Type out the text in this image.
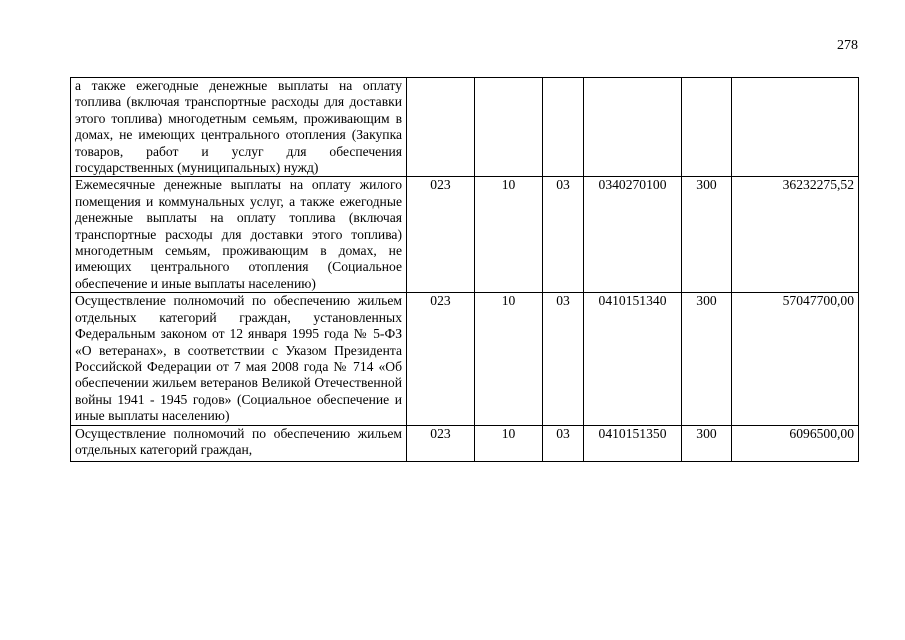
278
а также ежегодные денежные выплаты на оплату топлива (включая транспортные расходы для доставки этого топлива) многодетным семьям, проживающим в домах, не имеющих центрального отопления (Закупка товаров, работ и услуг для обеспечения государственных (муниципальных) нужд)						
Ежемесячные денежные выплаты на оплату жилого помещения и коммунальных услуг, а также ежегодные денежные выплаты на оплату топлива (включая транспортные расходы для доставки этого топлива) многодетным семьям, проживающим в домах, не имеющих центрального отопления (Социальное обеспечение и иные выплаты населению)	023	10	03	0340270100	300	36232275,52
Осуществление полномочий по обеспечению жильем отдельных категорий граждан, установленных Федеральным законом от 12 января 1995 года № 5-ФЗ «О ветеранах», в соответствии с Указом Президента Российской Федерации от 7 мая 2008 года № 714 «Об обеспечении жильем ветеранов Великой Отечественной войны 1941 - 1945 годов» (Социальное обеспечение и иные выплаты населению)	023	10	03	0410151340	300	57047700,00
Осуществление полномочий по обеспечению жильем отдельных категорий граждан,	023	10	03	0410151350	300	6096500,00
